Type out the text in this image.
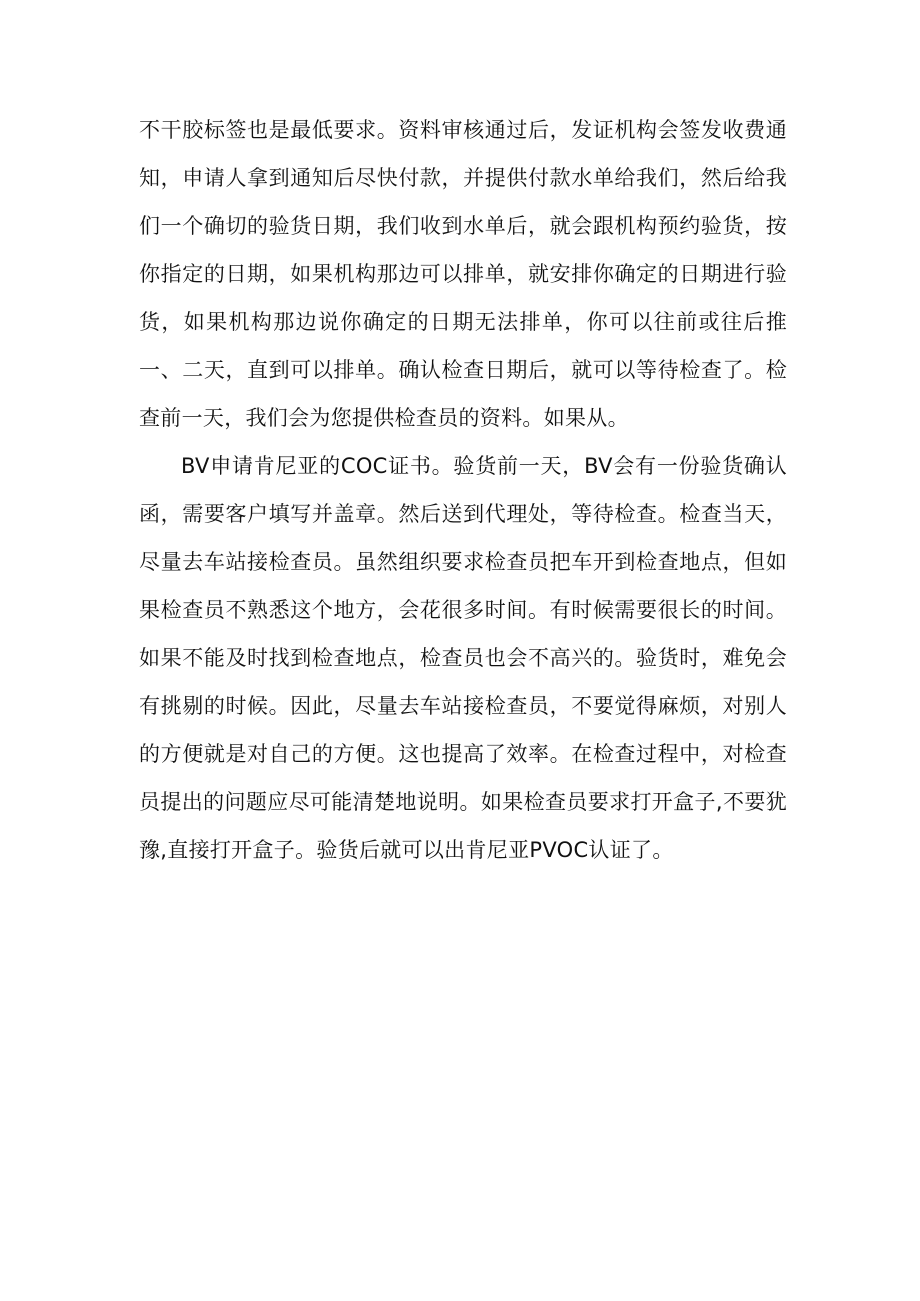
不干胶标签也是最低要求。资料审核通过后，发证机构会签发收费通知，申请人拿到通知后尽快付款，并提供付款水单给我们，然后给我们一个确切的验货日期，我们收到水单后，就会跟机构预约验货，按你指定的日期，如果机构那边可以排单，就安排你确定的日期进行验货，如果机构那边说你确定的日期无法排单，你可以往前或往后推一、二天，直到可以排单。确认检查日期后，就可以等待检查了。检查前一天，我们会为您提供检查员的资料。如果从。

BV申请肯尼亚的COC证书。验货前一天，BV会有一份验货确认函，需要客户填写并盖章。然后送到代理处，等待检查。检查当天，尽量去车站接检查员。虽然组织要求检查员把车开到检查地点，但如果检查员不熟悉这个地方，会花很多时间。有时候需要很长的时间。如果不能及时找到检查地点，检查员也会不高兴的。验货时，难免会有挑剔的时候。因此，尽量去车站接检查员，不要觉得麻烦，对别人的方便就是对自己的方便。这也提高了效率。在检查过程中，对检查员提出的问题应尽可能清楚地说明。如果检查员要求打开盒子,不要犹豫,直接打开盒子。验货后就可以出肯尼亚PVOC认证了。
